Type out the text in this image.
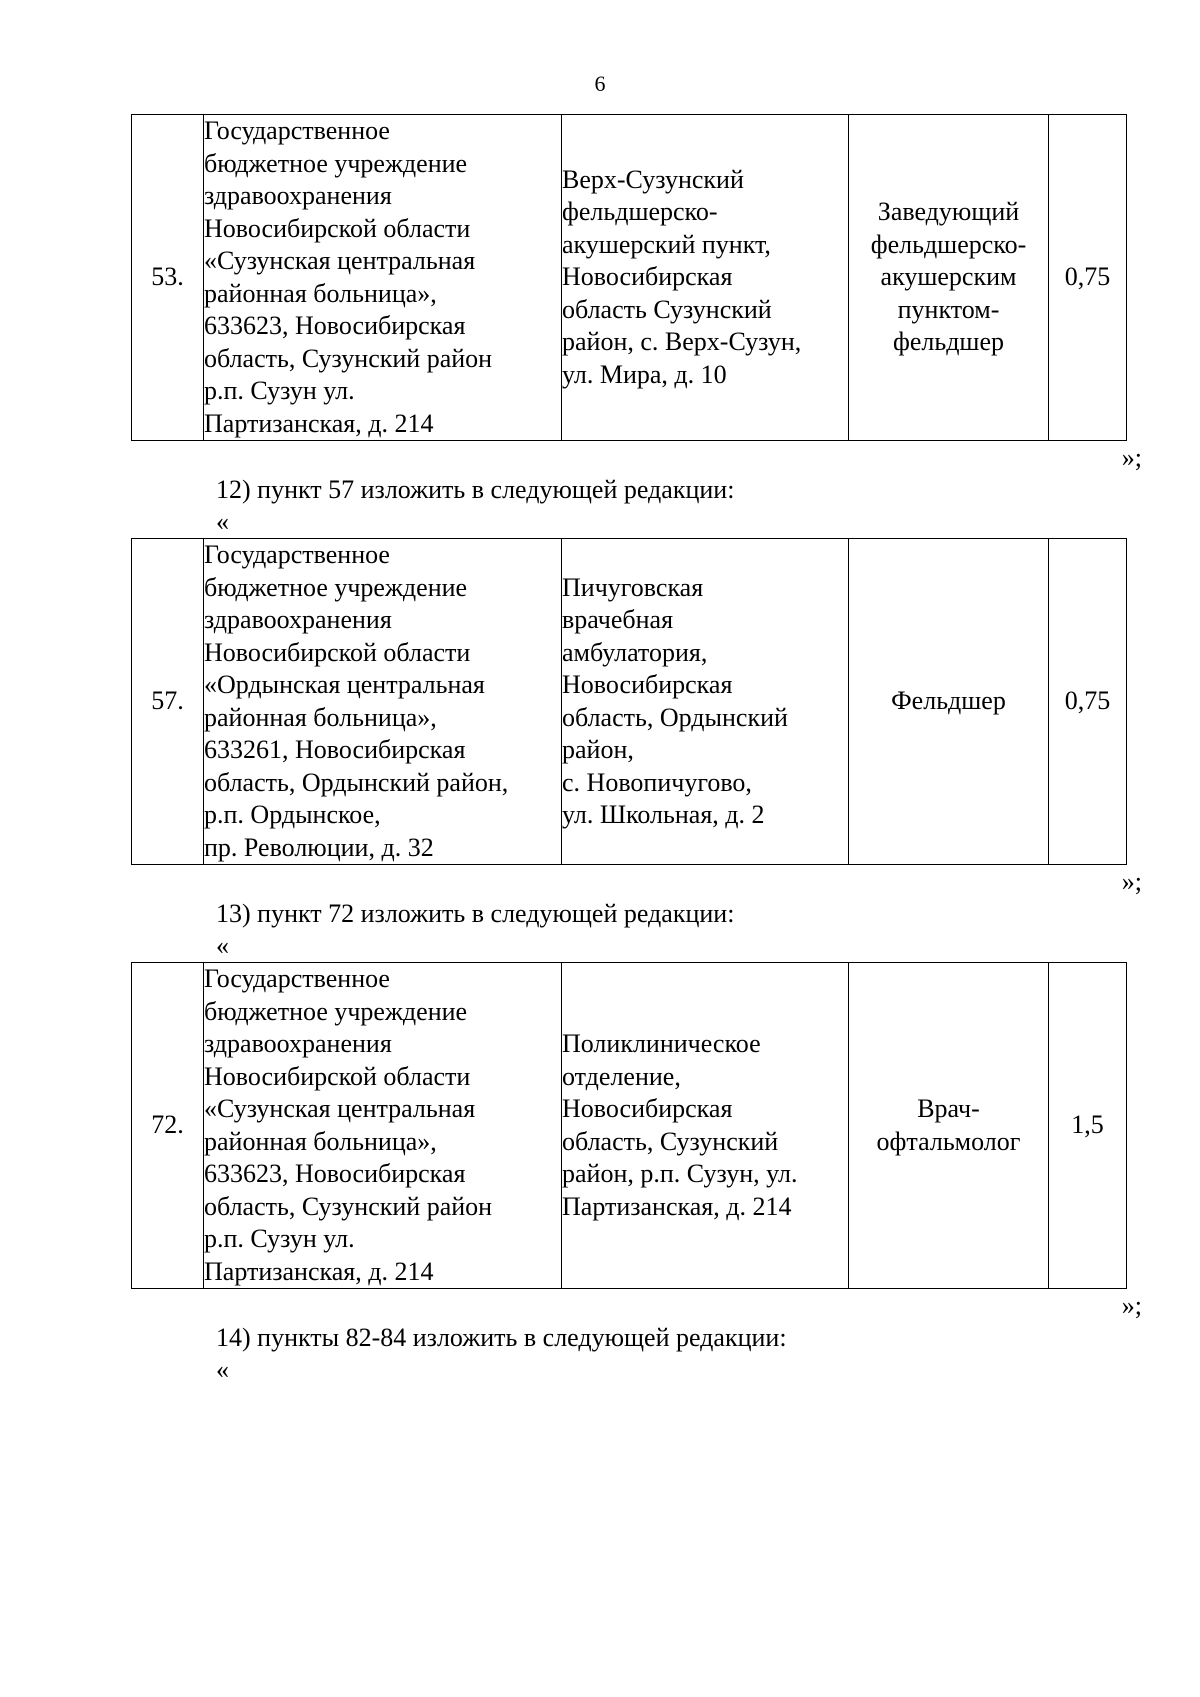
6
53.	Государственное
бюджетное учреждение
здравоохранения
Новосибирской области
«Сузунская центральная
районная больница»,
633623, Новосибирская
область, Сузунский район
р.п. Сузун ул.
Партизанская, д. 214	Верх-Сузунский
фельдшерско-
акушерский пункт,
Новосибирская
область Сузунский
район, с. Верх-Сузун,
ул. Мира, д. 10	Заведующий
фельдшерско-
акушерским
пунктом-
фельдшер	0,75
»;
12) пункт 57 изложить в следующей редакции:
«
57.	Государственное
бюджетное учреждение
здравоохранения
Новосибирской области
«Ордынская центральная
районная больница»,
633261, Новосибирская
область, Ордынский район,
р.п. Ордынское,
пр. Революции, д. 32	Пичуговская
врачебная
амбулатория,
Новосибирская
область, Ордынский
район,
с. Новопичугово,
ул. Школьная, д. 2	Фельдшер	0,75
»;
13) пункт 72 изложить в следующей редакции:
«
72.	Государственное
бюджетное учреждение
здравоохранения
Новосибирской области
«Сузунская центральная
районная больница»,
633623, Новосибирская
область, Сузунский район
р.п. Сузун ул.
Партизанская, д. 214	Поликлиническое
отделение,
Новосибирская
область, Сузунский
район, р.п. Сузун, ул.
Партизанская, д. 214	Врач-
офтальмолог	1,5
»;
14) пункты 82-84 изложить в следующей редакции:
«
